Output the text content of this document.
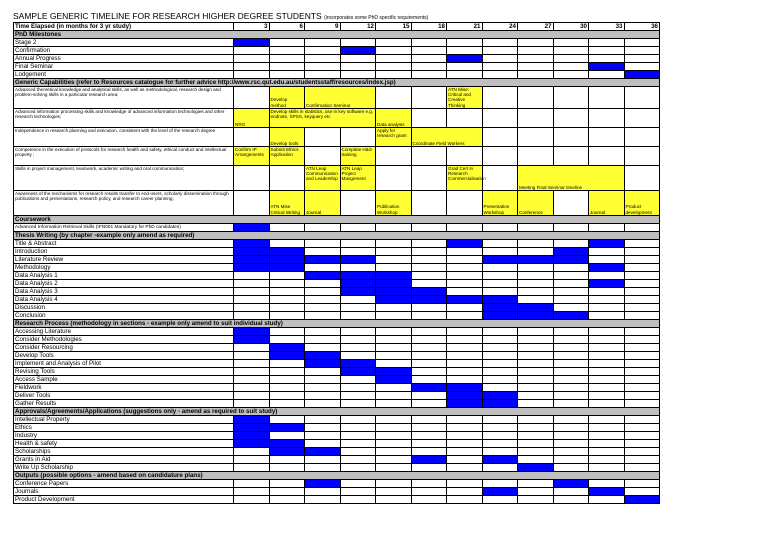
SAMPLE GENERIC TIMELINE FOR RESEARCH HIGHER DEGREE STUDENTS (incorporates some PhD specific requirements)
Time Elapsed (in months for 3 yr study)	3	6	9	12	15	18	21	24	27	30	33	36
PhD Milestones												
Stage 2												
Confirmation												
Annual Progress												
Final Seminar												
Lodgement												
Generic Capabilities (refer to Resources catalogue for further advice http://www.rsc.qut.edu.au/studentsstaff/resources/index.jsp)												
Advanced theoretical knowledge and analytical skills, as well as methodological, research design and problem-solving skills in a particular research area;		Develop method	Confirmation Seminar				ATN Mise: Critical and Creative Thinking					
Advanced information processing skills and knowledge of advanced information technologies and other research technologies;	NRG	Develop skills in statistics, use in key software e.g. endnote, SPSS, keyquery etc			Data analysis							
Independence in research planning and execution, consistent with the level of the research degree		Develop tools			Apply for research grant	Coordinate Field Workers						
Competence in the execution of protocols for research health and safety, ethical conduct and intellectual property ;	Confirm IP Arrangements	Submit Ethics Application		Complete H&S training								
Skills in project management, teamwork, academic writing and oral communication;			ATN Leap Communication and Leadership	ATN Leap Project Mangement			Grad Cert in Research Commercialisation		Meeting Final Seminar timeline			
Awareness of the mechanisms for research results transfer to end-users, scholarly dissemination through publications and presentations, research policy, and research career planning;		ATN Mise Critical Writing	Journal		Publication Workshop			Presentation Workshop	Conference		Journal	Product development
Coursework												
Advanced Information Retrieval Skills (IFN001 Mandatory for PhD candidates)												
Thesis Writing (by chapter -example only amend as required)												
Title & Abstract												
Introduction												
Literature Review												
Methodology												
Data Analysis 1												
Data Analysis 2												
Data Analysis 3												
Data Analysis 4												
Discussion												
Conclusion												
Research Process (methodology in sections - example only amend to suit individual study)												
Accessing Literature												
Consider Methodologies												
Consider Resourcing												
Develop Tools												
Implement and Analysis of Pilot												
Revising Tools												
Access Sample												
Fieldwork												
Deliver Tools												
Gather Results												
Approvals/Agreements/Applications (suggestions only - amend as required to suit study)												
Intellectual Property												
Ethics												
Industry												
Health & safety												
Scholarships												
Grants in Aid												
Write Up Scholarship												
Outputs (possible options - amend based on candidature plans)												
Conference Papers												
Journals												
Product Development												
